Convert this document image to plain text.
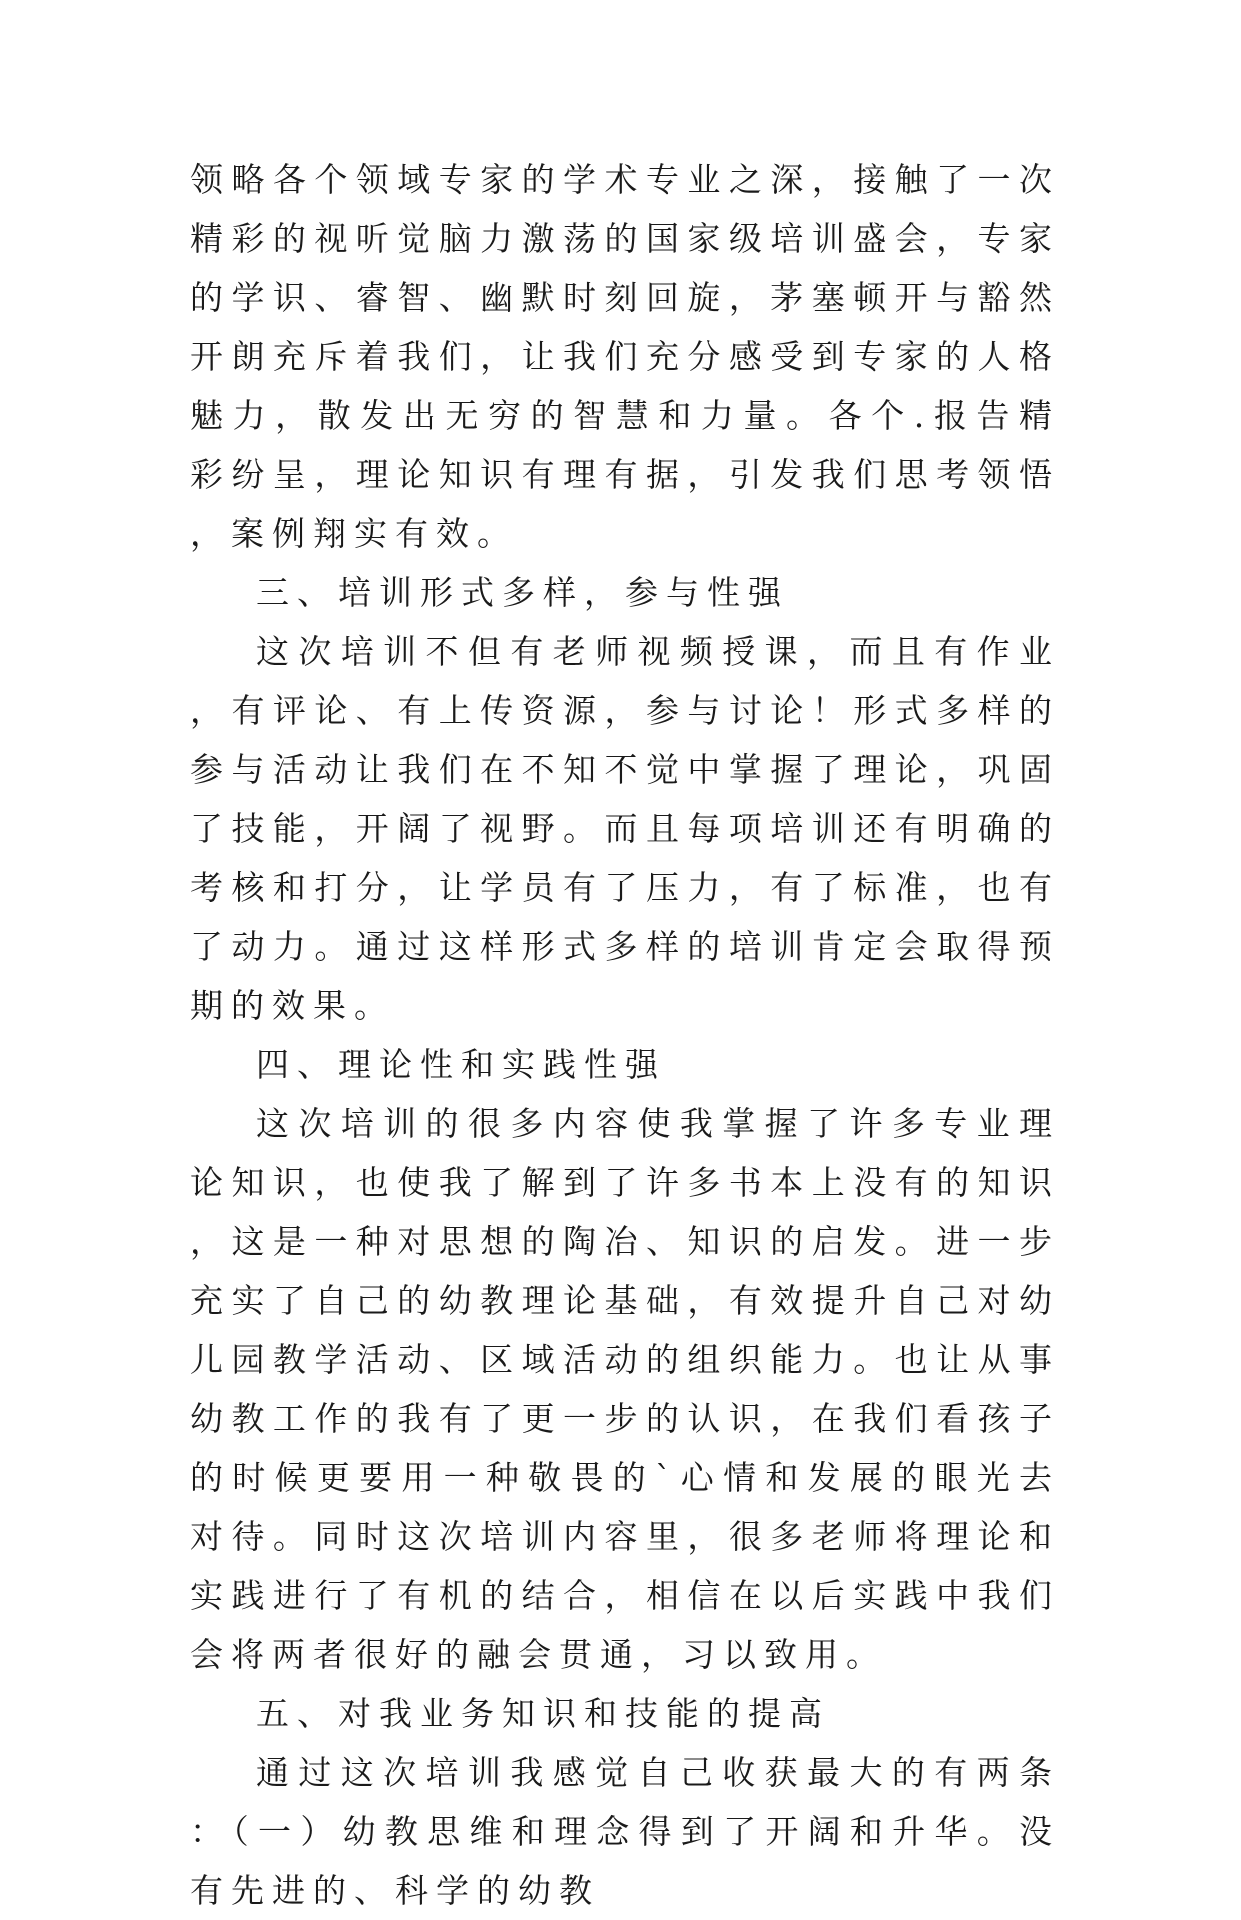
领略各个领域专家的学术专业之深，接触了一次精彩的视听觉脑力激荡的国家级培训盛会，专家的学识、睿智、幽默时刻回旋，茅塞顿开与豁然开朗充斥着我们，让我们充分感受到专家的人格魅力，散发出无穷的智慧和力量。各个.报告精彩纷呈，理论知识有理有据，引发我们思考领悟，案例翔实有效。

三、培训形式多样，参与性强

这次培训不但有老师视频授课，而且有作业，有评论、有上传资源，参与讨论！形式多样的参与活动让我们在不知不觉中掌握了理论，巩固了技能，开阔了视野。而且每项培训还有明确的考核和打分，让学员有了压力，有了标准，也有了动力。通过这样形式多样的培训肯定会取得预期的效果。

四、理论性和实践性强

这次培训的很多内容使我掌握了许多专业理论知识，也使我了解到了许多书本上没有的知识，这是一种对思想的陶冶、知识的启发。进一步充实了自己的幼教理论基础，有效提升自己对幼儿园教学活动、区域活动的组织能力。也让从事幼教工作的我有了更一步的认识，在我们看孩子的时候更要用一种敬畏的`心情和发展的眼光去对待。同时这次培训内容里，很多老师将理论和实践进行了有机的结合，相信在以后实践中我们会将两者很好的融会贯通，习以致用。

五、对我业务知识和技能的提高

通过这次培训我感觉自己收获最大的有两条：（一）幼教思维和理念得到了开阔和升华。没有先进的、科学的幼教
